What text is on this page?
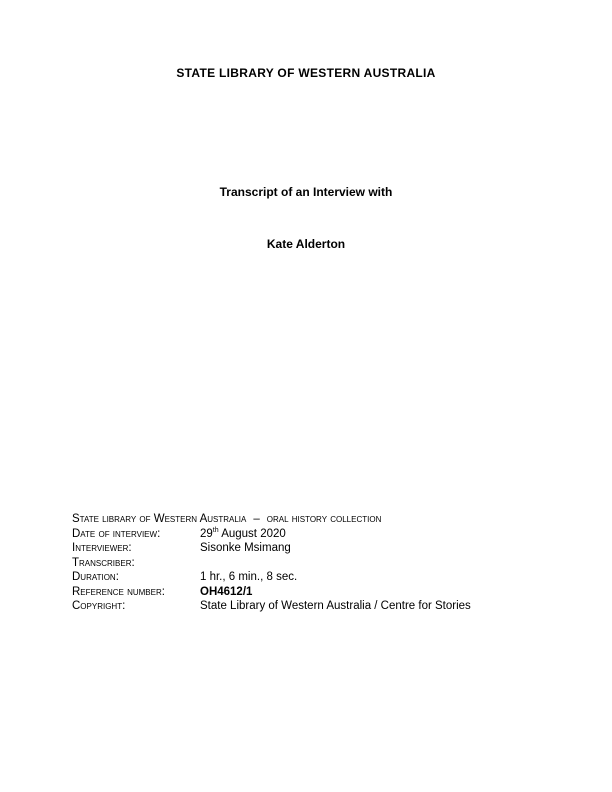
STATE LIBRARY OF WESTERN AUSTRALIA
Transcript of an Interview with
Kate Alderton
State library of Western Australia – oral history collection
Date of interview:	29th August 2020
Interviewer:	Sisonke Msimang
Transcriber:
Duration:	1 hr., 6 min., 8 sec.
Reference number:	OH4612/1
Copyright:	State Library of Western Australia / Centre for Stories
